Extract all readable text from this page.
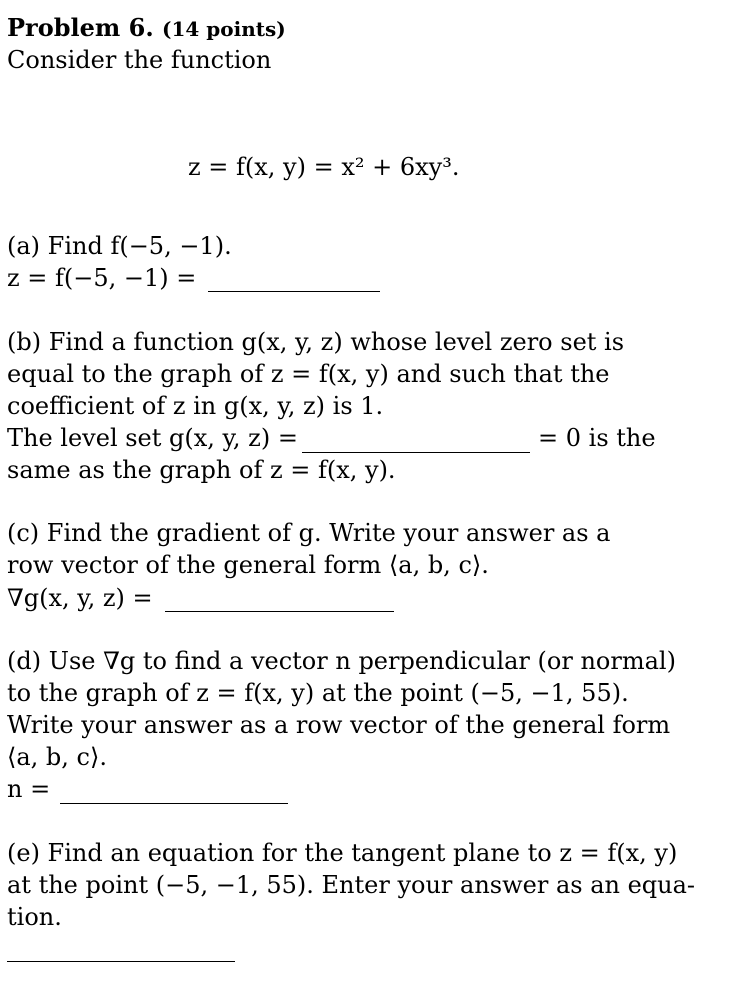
Problem 6. (14 points)
Consider the function
z = f(x, y) = x² + 6xy³.
(a) Find f(−5, −1).
z = f(−5, −1) =
(b) Find a function g(x, y, z) whose level zero set is
equal to the graph of z = f(x, y) and such that the
coefficient of z in g(x, y, z) is 1.
The level set g(x, y, z) =	= 0 is the
same as the graph of z = f(x, y).
(c) Find the gradient of g. Write your answer as a
row vector of the general form ⟨a, b, c⟩.
∇g(x, y, z) =
(d) Use ∇g to find a vector n perpendicular (or normal)
to the graph of z = f(x, y) at the point (−5, −1, 55).
Write your answer as a row vector of the general form
⟨a, b, c⟩.
n =
(e) Find an equation for the tangent plane to z = f(x, y)
at the point (−5, −1, 55). Enter your answer as an equa-
tion.
